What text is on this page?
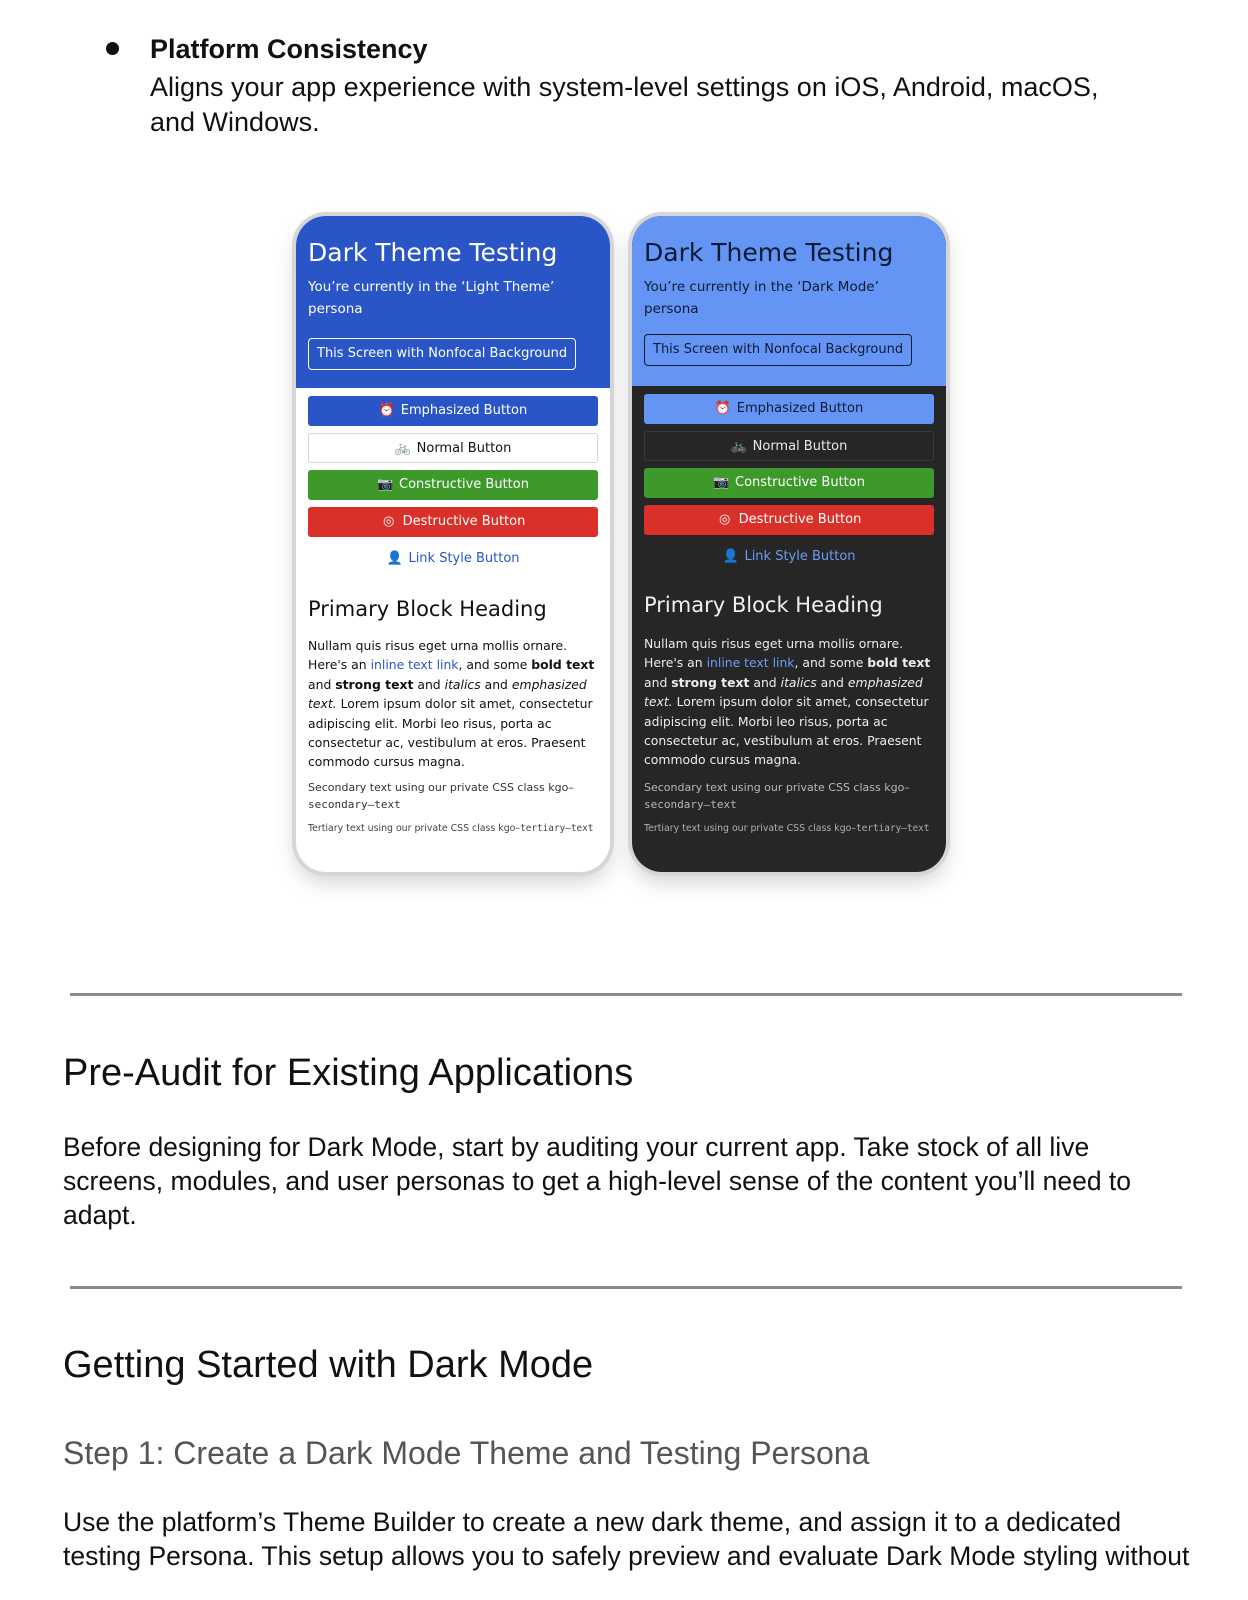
Platform Consistency
Aligns your app experience with system-level settings on iOS, Android, macOS, and Windows.
Dark Theme Testing
You’re currently in the ‘Light Theme’ persona
This Screen with Nonfocal Background
⏰ Emphasized Button
🚲 Normal Button
📷 Constructive Button
◎ Destructive Button
👤 Link Style Button
Primary Block Heading
Nullam quis risus eget urna mollis ornare. Here's an inline text link, and some bold text and strong text and italics and emphasized text. Lorem ipsum dolor sit amet, consectetur adipiscing elit. Morbi leo risus, porta ac consectetur ac, vestibulum at eros. Praesent commodo cursus magna.
Secondary text using our private CSS class kgo–
secondary–text
Tertiary text using our private CSS class kgo–tertiary–text
Dark Theme Testing
You’re currently in the ‘Dark Mode’ persona
This Screen with Nonfocal Background
⏰ Emphasized Button
🚲 Normal Button
📷 Constructive Button
◎ Destructive Button
👤 Link Style Button
Primary Block Heading
Nullam quis risus eget urna mollis ornare. Here's an inline text link, and some bold text and strong text and italics and emphasized text. Lorem ipsum dolor sit amet, consectetur adipiscing elit. Morbi leo risus, porta ac consectetur ac, vestibulum at eros. Praesent commodo cursus magna.
Secondary text using our private CSS class kgo–
secondary–text
Tertiary text using our private CSS class kgo–tertiary–text
Pre-Audit for Existing Applications
Before designing for Dark Mode, start by auditing your current app. Take stock of all live screens, modules, and user personas to get a high-level sense of the content you’ll need to adapt.
Getting Started with Dark Mode
Step 1: Create a Dark Mode Theme and Testing Persona
Use the platform’s Theme Builder to create a new dark theme, and assign it to a dedicated testing Persona. This setup allows you to safely preview and evaluate Dark Mode styling without
